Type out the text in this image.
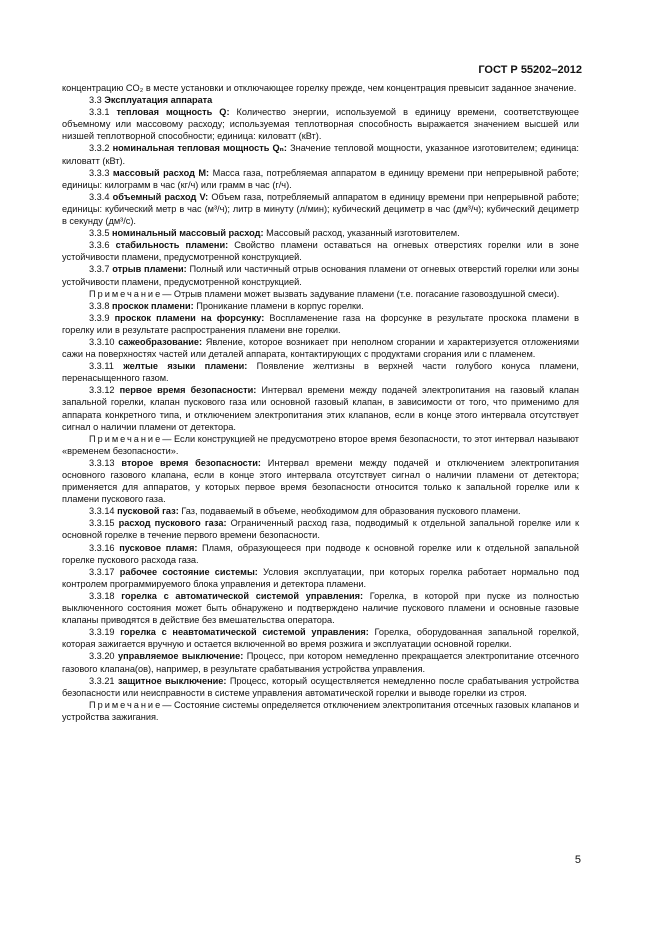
ГОСТ Р 55202–2012

концентрацию CO₂ в месте установки и отключающее горелку прежде, чем концентрация превысит заданное значение.

3.3 Эксплуатация аппарата

3.3.1 тепловая мощность Q: Количество энергии, используемой в единицу времени, соответствующее объемному или массовому расходу; используемая теплотворная способность выражается значением высшей или низшей теплотворной способности; единица: киловатт (кВт).

3.3.2 номинальная тепловая мощность Qₙ: Значение тепловой мощности, указанное изготовителем; единица: киловатт (кВт).

3.3.3 массовый расход M: Масса газа, потребляемая аппаратом в единицу времени при непрерывной работе; единицы: килограмм в час (кг/ч) или грамм в час (г/ч).

3.3.4 объемный расход V: Объем газа, потребляемый аппаратом в единицу времени при непрерывной работе; единицы: кубический метр в час (м³/ч); литр в минуту (л/мин); кубический дециметр в час (дм³/ч); кубический дециметр в секунду (дм³/с).

3.3.5 номинальный массовый расход: Массовый расход, указанный изготовителем.

3.3.6 стабильность пламени: Свойство пламени оставаться на огневых отверстиях горелки или в зоне устойчивости пламени, предусмотренной конструкцией.

3.3.7 отрыв пламени: Полный или частичный отрыв основания пламени от огневых отверстий горелки или зоны устойчивости пламени, предусмотренной конструкцией.

Примечание— Отрыв пламени может вызвать задувание пламени (т.е. погасание газовоздушной смеси).

3.3.8 проскок пламени: Проникание пламени в корпус горелки.

3.3.9 проскок пламени на форсунку: Воспламенение газа на форсунке в результате проскока пламени в горелку или в результате распространения пламени вне горелки.

3.3.10 сажеобразование: Явление, которое возникает при неполном сгорании и характеризуется отложениями сажи на поверхностях частей или деталей аппарата, контактирующих с продуктами сгорания или с пламенем.

3.3.11 желтые языки пламени: Появление желтизны в верхней части голубого конуса пламени, перенасыщенного газом.

3.3.12 первое время безопасности: Интервал времени между подачей электропитания на газовый клапан запальной горелки, клапан пускового газа или основной газовый клапан, в зависимости от того, что применимо для аппарата конкретного типа, и отключением электропитания этих клапанов, если в конце этого интервала отсутствует сигнал о наличии пламени от детектора.

Примечание— Если конструкцией не предусмотрено второе время безопасности, то этот интервал называют «временем безопасности».

3.3.13 второе время безопасности: Интервал времени между подачей и отключением электропитания основного газового клапана, если в конце этого интервала отсутствует сигнал о наличии пламени от детектора; применяется для аппаратов, у которых первое время безопасности относится только к запальной горелке или к пламени пускового газа.

3.3.14 пусковой газ: Газ, подаваемый в объеме, необходимом для образования пускового пламени.

3.3.15 расход пускового газа: Ограниченный расход газа, подводимый к отдельной запальной горелке или к основной горелке в течение первого времени безопасности.

3.3.16 пусковое пламя: Пламя, образующееся при подводе к основной горелке или к отдельной запальной горелке пускового расхода газа.

3.3.17 рабочее состояние системы: Условия эксплуатации, при которых горелка работает нормально под контролем программируемого блока управления и детектора пламени.

3.3.18 горелка с автоматической системой управления: Горелка, в которой при пуске из полностью выключенного состояния может быть обнаружено и подтверждено наличие пускового пламени и основные газовые клапаны приводятся в действие без вмешательства оператора.

3.3.19 горелка с неавтоматической системой управления: Горелка, оборудованная запальной горелкой, которая зажигается вручную и остается включенной во время розжига и эксплуатации основной горелки.

3.3.20 управляемое выключение: Процесс, при котором немедленно прекращается электропитание отсечного газового клапана(ов), например, в результате срабатывания устройства управления.

3.3.21 защитное выключение: Процесс, который осуществляется немедленно после срабатывания устройства безопасности или неисправности в системе управления автоматической горелки и выводе горелки из строя.

Примечание— Состояние системы определяется отключением электропитания отсечных газовых клапанов и устройства зажигания.

5
